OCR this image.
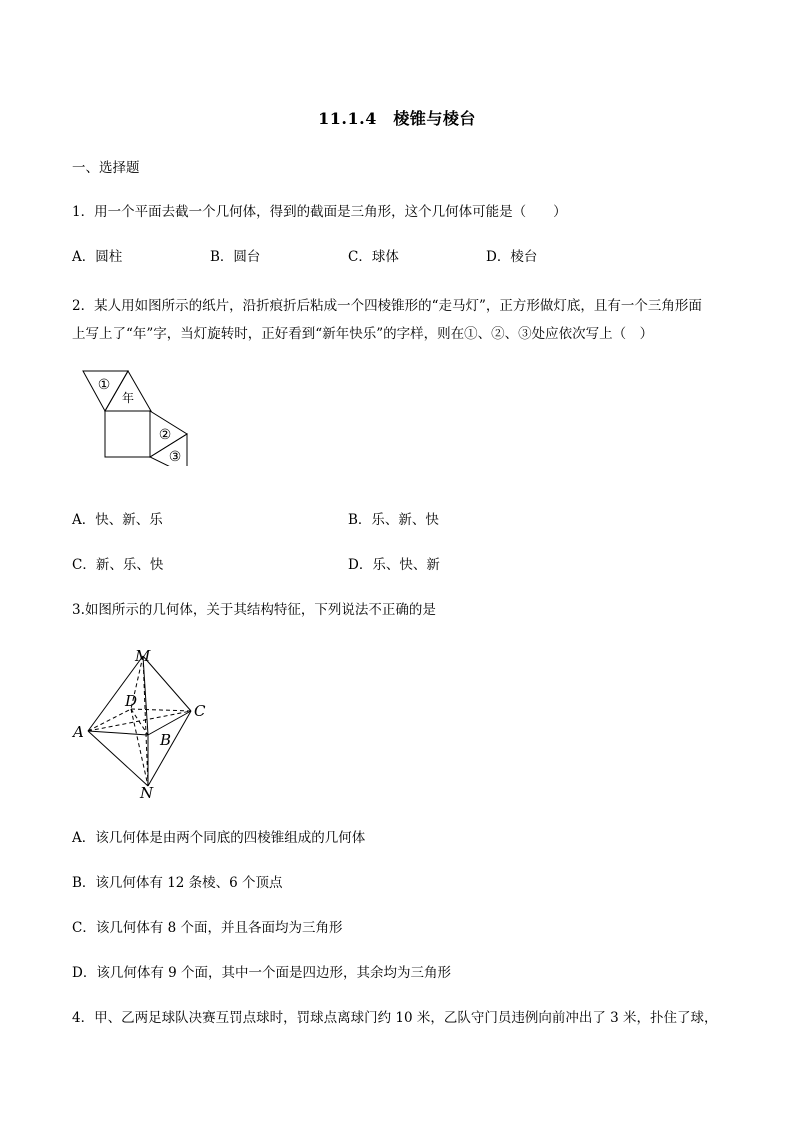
11.1.4　棱锥与棱台
一、选择题
1．用一个平面去截一个几何体，得到的截面是三角形，这个几何体可能是（　　）
A．圆柱	B．圆台	C．球体	D．棱台
2．某人用如图所示的纸片，沿折痕折后粘成一个四棱锥形的“走马灯”，正方形做灯底，且有一个三角形面
上写上了“年”字，当灯旋转时，正好看到“新年快乐”的字样，则在①、②、③处应依次写上（　）
①
年
②
③
A．快、新、乐	B．乐、新、快
C．新、乐、快	D．乐、快、新
3.如图所示的几何体，关于其结构特征，下列说法不正确的是
M
D
C
A	B
N
A．该几何体是由两个同底的四棱锥组成的几何体
B．该几何体有 12 条棱、6 个顶点
C．该几何体有 8 个面，并且各面均为三角形
D．该几何体有 9 个面，其中一个面是四边形，其余均为三角形
4．甲、乙两足球队决赛互罚点球时，罚球点离球门约 10 米，乙队守门员违例向前冲出了 3 米，扑住了球，
